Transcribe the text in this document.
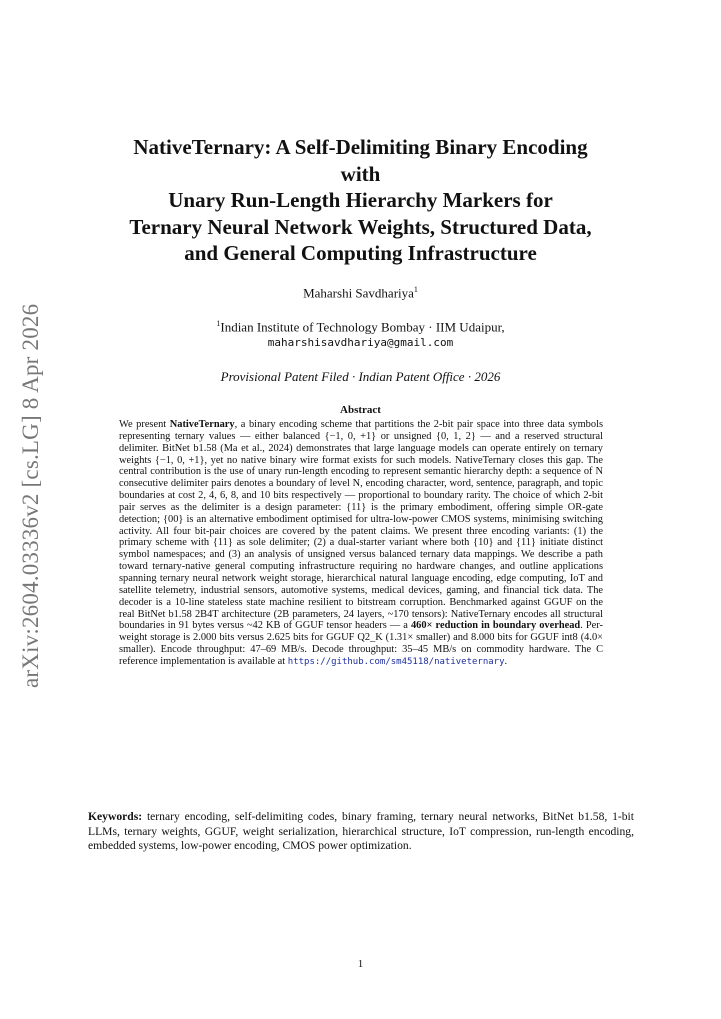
arXiv:2604.03336v2 [cs.LG] 8 Apr 2026
NativeTernary: A Self-Delimiting Binary Encoding
with
Unary Run-Length Hierarchy Markers for
Ternary Neural Network Weights, Structured Data,
and General Computing Infrastructure
Maharshi Savdhariya$^1$
$^1$Indian Institute of Technology Bombay · IIM Udaipur,
maharshisavdhariya@gmail.com
Provisional Patent Filed · Indian Patent Office · 2026
Abstract

We present NativeTernary, a binary encoding scheme that partitions the 2-bit pair space into three data symbols representing ternary values — either balanced {−1, 0, +1} or unsigned {0, 1, 2} — and a reserved structural delimiter. BitNet b1.58 (Ma et al., 2024) demonstrates that large language models can operate entirely on ternary weights {−1, 0, +1}, yet no native binary wire format exists for such models. NativeTernary closes this gap. The central contribution is the use of unary run-length encoding to represent semantic hierarchy depth: a sequence of N consecutive delimiter pairs denotes a boundary of level N, encoding character, word, sentence, paragraph, and topic boundaries at cost 2, 4, 6, 8, and 10 bits respectively — proportional to boundary rarity. The choice of which 2-bit pair serves as the delimiter is a design parameter: {11} is the primary embodiment, offering simple OR-gate detection; {00} is an alternative embodiment optimised for ultra-low-power CMOS systems, minimising switching activity. All four bit-pair choices are covered by the patent claims. We present three encoding variants: (1) the primary scheme with {11} as sole delimiter; (2) a dual-starter variant where both {10} and {11} initiate distinct symbol namespaces; and (3) an analysis of unsigned versus balanced ternary data mappings. We describe a path toward ternary-native general computing infrastructure requiring no hardware changes, and outline applications spanning ternary neural network weight storage, hierarchical natural language encoding, edge computing, IoT and satellite telemetry, industrial sensors, automotive systems, medical devices, gaming, and financial tick data. The decoder is a 10-line stateless state machine resilient to bitstream corruption. Benchmarked against GGUF on the real BitNet b1.58 2B4T architecture (2B parameters, 24 layers, ~170 tensors): NativeTernary encodes all structural boundaries in 91 bytes versus ~42 KB of GGUF tensor headers — a 460× reduction in boundary overhead. Per-weight storage is 2.000 bits versus 2.625 bits for GGUF Q2_K (1.31× smaller) and 8.000 bits for GGUF int8 (4.0× smaller). Encode throughput: 47–69 MB/s. Decode throughput: 35–45 MB/s on commodity hardware. The C reference implementation is available at https://github.com/sm45118/nativeternary.

Keywords: ternary encoding, self-delimiting codes, binary framing, ternary neural networks, BitNet b1.58, 1-bit LLMs, ternary weights, GGUF, weight serialization, hierarchical structure, IoT compression, run-length encoding, embedded systems, low-power encoding, CMOS power optimization.

1
